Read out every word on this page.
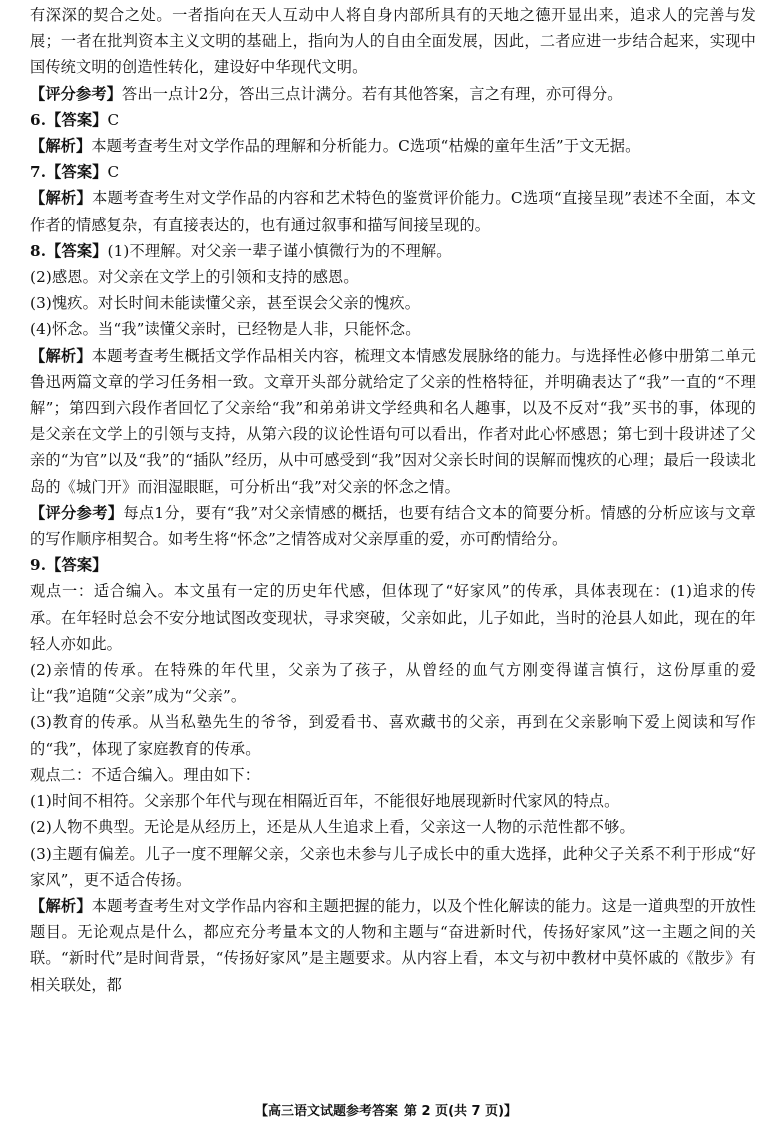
有深深的契合之处。一者指向在天人互动中人将自身内部所具有的天地之德开显出来，追求人的完善与发展；一者在批判资本主义文明的基础上，指向为人的自由全面发展，因此，二者应进一步结合起来，实现中国传统文明的创造性转化，建设好中华现代文明。

【评分参考】答出一点计2分，答出三点计满分。若有其他答案，言之有理，亦可得分。

6.【答案】C

【解析】本题考查考生对文学作品的理解和分析能力。C选项“枯燥的童年生活”于文无据。

7.【答案】C

【解析】本题考查考生对文学作品的内容和艺术特色的鉴赏评价能力。C选项“直接呈现”表述不全面，本文作者的情感复杂，有直接表达的，也有通过叙事和描写间接呈现的。

8.【答案】(1)不理解。对父亲一辈子谨小慎微行为的不理解。

(2)感恩。对父亲在文学上的引领和支持的感恩。

(3)愧疚。对长时间未能读懂父亲，甚至误会父亲的愧疚。

(4)怀念。当“我”读懂父亲时，已经物是人非，只能怀念。

【解析】本题考查考生概括文学作品相关内容，梳理文本情感发展脉络的能力。与选择性必修中册第二单元鲁迅两篇文章的学习任务相一致。文章开头部分就给定了父亲的性格特征，并明确表达了“我”一直的“不理解”；第四到六段作者回忆了父亲给“我”和弟弟讲文学经典和名人趣事，以及不反对“我”买书的事，体现的是父亲在文学上的引领与支持，从第六段的议论性语句可以看出，作者对此心怀感恩；第七到十段讲述了父亲的“为官”以及“我”的“插队”经历，从中可感受到“我”因对父亲长时间的误解而愧疚的心理；最后一段读北岛的《城门开》而泪湿眼眶，可分析出“我”对父亲的怀念之情。

【评分参考】每点1分，要有“我”对父亲情感的概括，也要有结合文本的简要分析。情感的分析应该与文章的写作顺序相契合。如考生将“怀念”之情答成对父亲厚重的爱，亦可酌情给分。

9.【答案】

观点一：适合编入。本文虽有一定的历史年代感，但体现了“好家风”的传承，具体表现在：(1)追求的传承。在年轻时总会不安分地试图改变现状，寻求突破，父亲如此，儿子如此，当时的沧县人如此，现在的年轻人亦如此。

(2)亲情的传承。在特殊的年代里，父亲为了孩子，从曾经的血气方刚变得谨言慎行，这份厚重的爱让“我”追随“父亲”成为“父亲”。

(3)教育的传承。从当私塾先生的爷爷，到爱看书、喜欢藏书的父亲，再到在父亲影响下爱上阅读和写作的“我”，体现了家庭教育的传承。

观点二：不适合编入。理由如下：

(1)时间不相符。父亲那个年代与现在相隔近百年，不能很好地展现新时代家风的特点。

(2)人物不典型。无论是从经历上，还是从人生追求上看，父亲这一人物的示范性都不够。

(3)主题有偏差。儿子一度不理解父亲，父亲也未参与儿子成长中的重大选择，此种父子关系不利于形成“好家风”，更不适合传扬。

【解析】本题考查考生对文学作品内容和主题把握的能力，以及个性化解读的能力。这是一道典型的开放性题目。无论观点是什么，都应充分考量本文的人物和主题与“奋进新时代，传扬好家风”这一主题之间的关联。“新时代”是时间背景，“传扬好家风”是主题要求。从内容上看，本文与初中教材中莫怀戚的《散步》有相关联处，都

【高三语文试题参考答案 第 2 页(共 7 页)】
